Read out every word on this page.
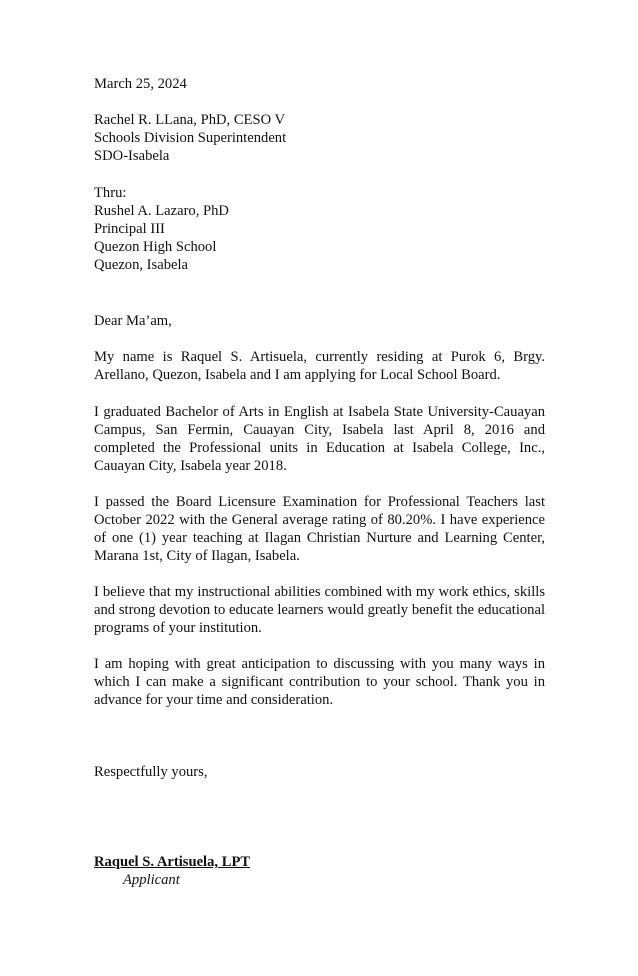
March 25, 2024
Rachel R. LLana, PhD, CESO V
Schools Division Superintendent
SDO-Isabela
Thru:
Rushel A. Lazaro, PhD
Principal III
Quezon High School
Quezon, Isabela
Dear Ma’am,
My name is Raquel S. Artisuela, currently residing at Purok 6, Brgy.
Arellano, Quezon, Isabela and I am applying for Local School Board.
I graduated Bachelor of Arts in English at Isabela State University-Cauayan
Campus, San Fermin, Cauayan City, Isabela last April 8, 2016 and
completed the Professional units in Education at Isabela College, Inc.,
Cauayan City, Isabela year 2018.
I passed the Board Licensure Examination for Professional Teachers last
October 2022 with the General average rating of 80.20%. I have experience
of one (1) year teaching at Ilagan Christian Nurture and Learning Center,
Marana 1st, City of Ilagan, Isabela.
I believe that my instructional abilities combined with my work ethics, skills
and strong devotion to educate learners would greatly benefit the educational
programs of your institution.
I am hoping with great anticipation to discussing with you many ways in
which I can make a significant contribution to your school. Thank you in
advance for your time and consideration.
Respectfully yours,
Raquel S. Artisuela, LPT
Applicant
